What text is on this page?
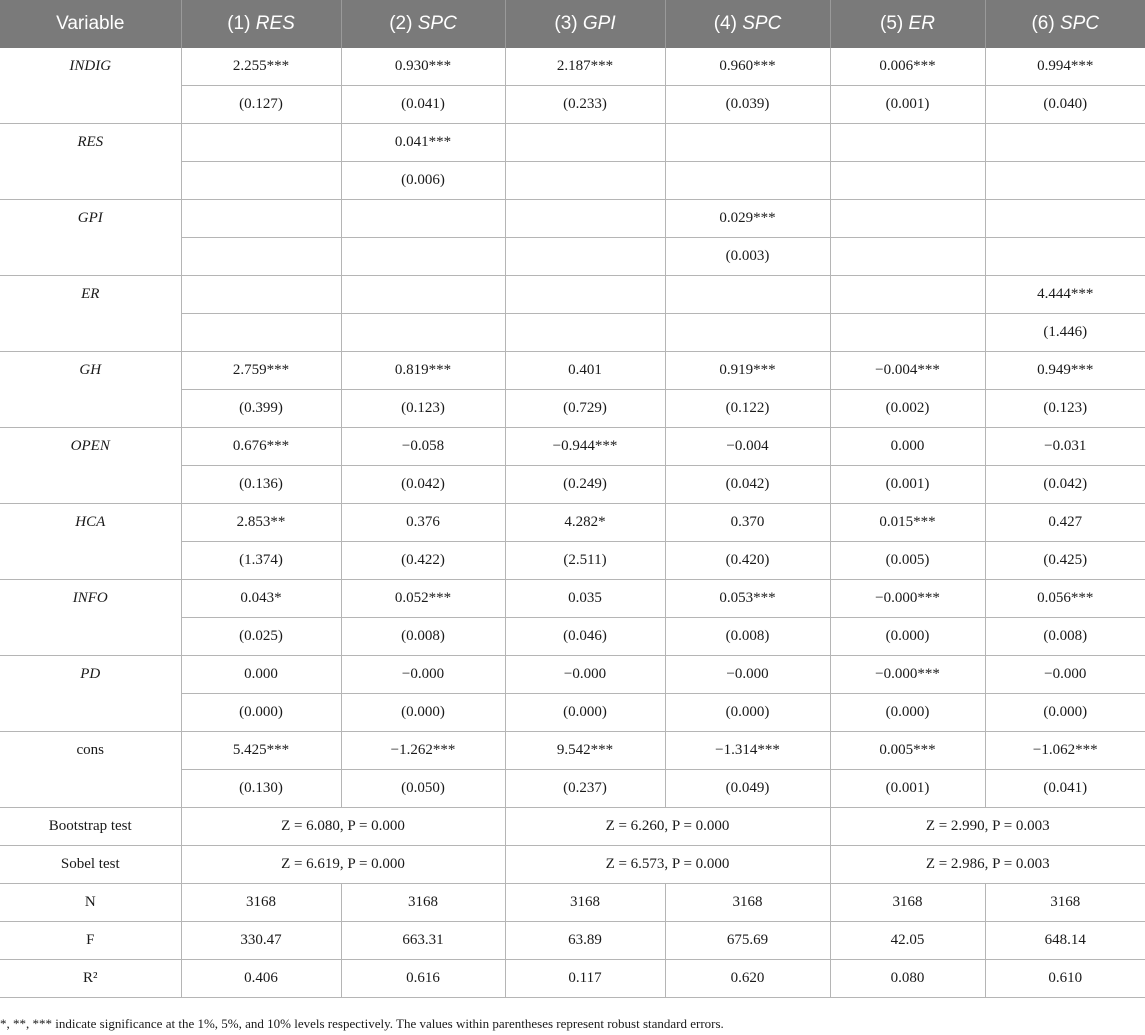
Variable	(1) RES	(2) SPC	(3) GPI	(4) SPC	(5) ER	(6) SPC
INDIG	2.255***	0.930***	2.187***	0.960***	0.006***	0.994***
	(0.127)	(0.041)	(0.233)	(0.039)	(0.001)	(0.040)
RES		0.041***				
		(0.006)				
GPI				0.029***		
				(0.003)		
ER						4.444***
						(1.446)
GH	2.759***	0.819***	0.401	0.919***	−0.004***	0.949***
	(0.399)	(0.123)	(0.729)	(0.122)	(0.002)	(0.123)
OPEN	0.676***	−0.058	−0.944***	−0.004	0.000	−0.031
	(0.136)	(0.042)	(0.249)	(0.042)	(0.001)	(0.042)
HCA	2.853**	0.376	4.282*	0.370	0.015***	0.427
	(1.374)	(0.422)	(2.511)	(0.420)	(0.005)	(0.425)
INFO	0.043*	0.052***	0.035	0.053***	−0.000***	0.056***
	(0.025)	(0.008)	(0.046)	(0.008)	(0.000)	(0.008)
PD	0.000	−0.000	−0.000	−0.000	−0.000***	−0.000
	(0.000)	(0.000)	(0.000)	(0.000)	(0.000)	(0.000)
cons	5.425***	−1.262***	9.542***	−1.314***	0.005***	−1.062***
	(0.130)	(0.050)	(0.237)	(0.049)	(0.001)	(0.041)
Bootstrap test	Z = 6.080, P = 0.000		Z = 6.260, P = 0.000		Z = 2.990, P = 0.003	
Sobel test	Z = 6.619, P = 0.000		Z = 6.573, P = 0.000		Z = 2.986, P = 0.003	
N	3168	3168	3168	3168	3168	3168
F	330.47	663.31	63.89	675.69	42.05	648.14
R²	0.406	0.616	0.117	0.620	0.080	0.610
*, **, *** indicate significance at the 1%, 5%, and 10% levels respectively. The values within parentheses represent robust standard errors.
